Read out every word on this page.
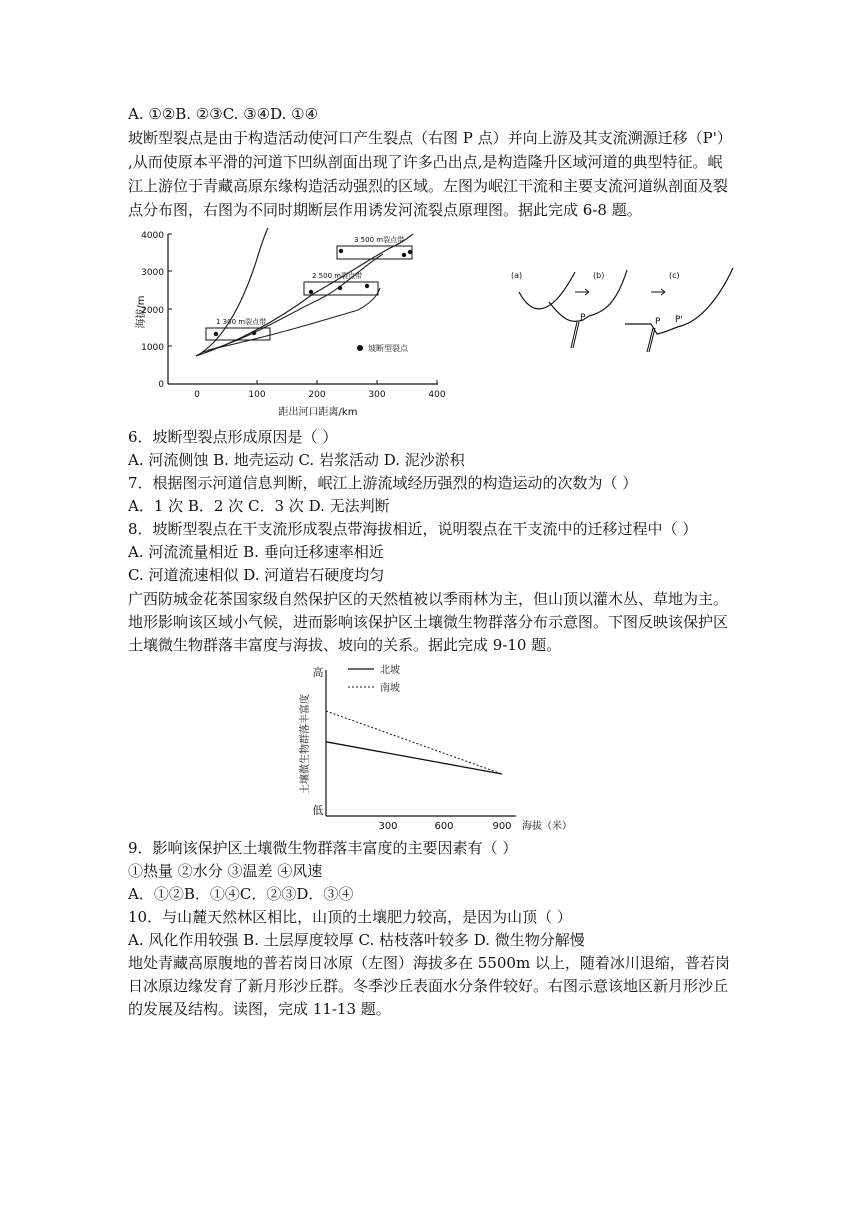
A. ①②B. ②③C. ③④D. ①④
坡断型裂点是由于构造活动使河口产生裂点（右图 P 点）并向上游及其支流溯源迁移（P'）
,从而使原本平滑的河道下凹纵剖面出现了许多凸出点,是构造隆升区域河道的典型特征。岷
江上游位于青藏高原东缘构造活动强烈的区域。左图为岷江干流和主要支流河道纵剖面及裂
点分布图，右图为不同时期断层作用诱发河流裂点原理图。据此完成 6-8 题。
4000
3000
2000
1000
0
0	100	200	300	400
海拔/m
距出河口距离/km
3 500 m裂点带
2 500 m裂点带
1 300 m裂点带
坡断型裂点
(a)	(b)	(c)
P	P P'
6．坡断型裂点形成原因是（ ）
A. 河流侧蚀 B. 地壳运动 C. 岩浆活动 D. 泥沙淤积
7．根据图示河道信息判断，岷江上游流域经历强烈的构造运动的次数为（ ）
A．1 次 B．2 次 C．3 次 D. 无法判断
8．坡断型裂点在干支流形成裂点带海拔相近，说明裂点在干支流中的迁移过程中（ ）
A. 河流流量相近 B. 垂向迁移速率相近
C. 河道流速相似 D. 河道岩石硬度均匀
广西防城金花茶国家级自然保护区的天然植被以季雨林为主，但山顶以灌木丛、草地为主。
地形影响该区域小气候，进而影响该保护区土壤微生物群落分布示意图。下图反映该保护区
土壤微生物群落丰富度与海拔、坡向的关系。据此完成 9-10 题。
高
低
土壤微生物群落丰富度
300	600	900 海拔（米）
北坡
南坡
9．影响该保护区土壤微生物群落丰富度的主要因素有（ ）
①热量 ②水分 ③温差 ④风速
A．①②B．①④C．②③D．③④
10．与山麓天然林区相比，山顶的土壤肥力较高，是因为山顶（ ）
A. 风化作用较强 B. 土层厚度较厚 C. 枯枝落叶较多 D. 微生物分解慢
地处青藏高原腹地的普若岗日冰原（左图）海拔多在 5500m 以上，随着冰川退缩，普若岗
日冰原边缘发育了新月形沙丘群。冬季沙丘表面水分条件较好。右图示意该地区新月形沙丘
的发展及结构。读图，完成 11-13 题。
